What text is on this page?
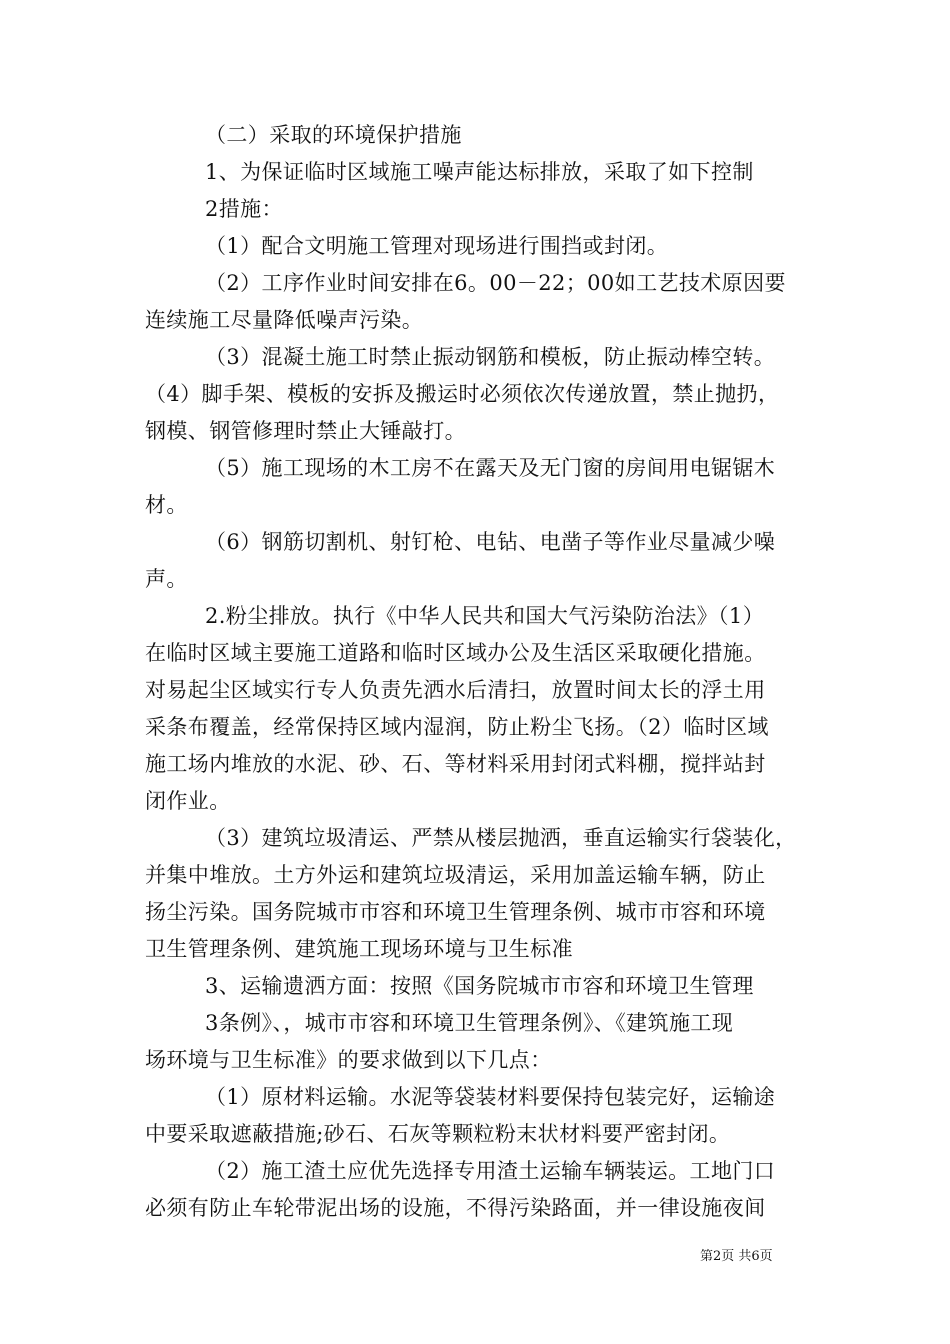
（二）采取的环境保护措施
1、为保证临时区域施工噪声能达标排放，采取了如下控制
2措施：
（1）配合文明施工管理对现场进行围挡或封闭。
（2）工序作业时间安排在6。00－22；00如工艺技术原因要
连续施工尽量降低噪声污染。
（3）混凝土施工时禁止振动钢筋和模板，防止振动棒空转。
（4）脚手架、模板的安拆及搬运时必须依次传递放置，禁止抛扔，
钢模、钢管修理时禁止大锤敲打。
（5）施工现场的木工房不在露天及无门窗的房间用电锯锯木
材。
（6）钢筋切割机、射钉枪、电钻、电凿子等作业尽量减少噪
声。
2.粉尘排放。执行《中华人民共和国大气污染防治法》（1）
在临时区域主要施工道路和临时区域办公及生活区采取硬化措施。
对易起尘区域实行专人负责先洒水后清扫，放置时间太长的浮土用
采条布覆盖，经常保持区域内湿润，防止粉尘飞扬。（2）临时区域
施工场内堆放的水泥、砂、石、等材料采用封闭式料棚，搅拌站封
闭作业。
（3）建筑垃圾清运、严禁从楼层抛洒，垂直运输实行袋装化，
并集中堆放。土方外运和建筑垃圾清运，采用加盖运输车辆，防止
扬尘污染。国务院城市市容和环境卫生管理条例、城市市容和环境
卫生管理条例、建筑施工现场环境与卫生标准
3、运输遗洒方面：按照《国务院城市市容和环境卫生管理
3条例》、，城市市容和环境卫生管理条例》、《建筑施工现
场环境与卫生标准》的要求做到以下几点：
（1）原材料运输。水泥等袋装材料要保持包装完好，运输途
中要采取遮蔽措施;砂石、石灰等颗粒粉末状材料要严密封闭。
（2）施工渣土应优先选择专用渣土运输车辆装运。工地门口
必须有防止车轮带泥出场的设施，不得污染路面，并一律设施夜间
第2页 共6页
